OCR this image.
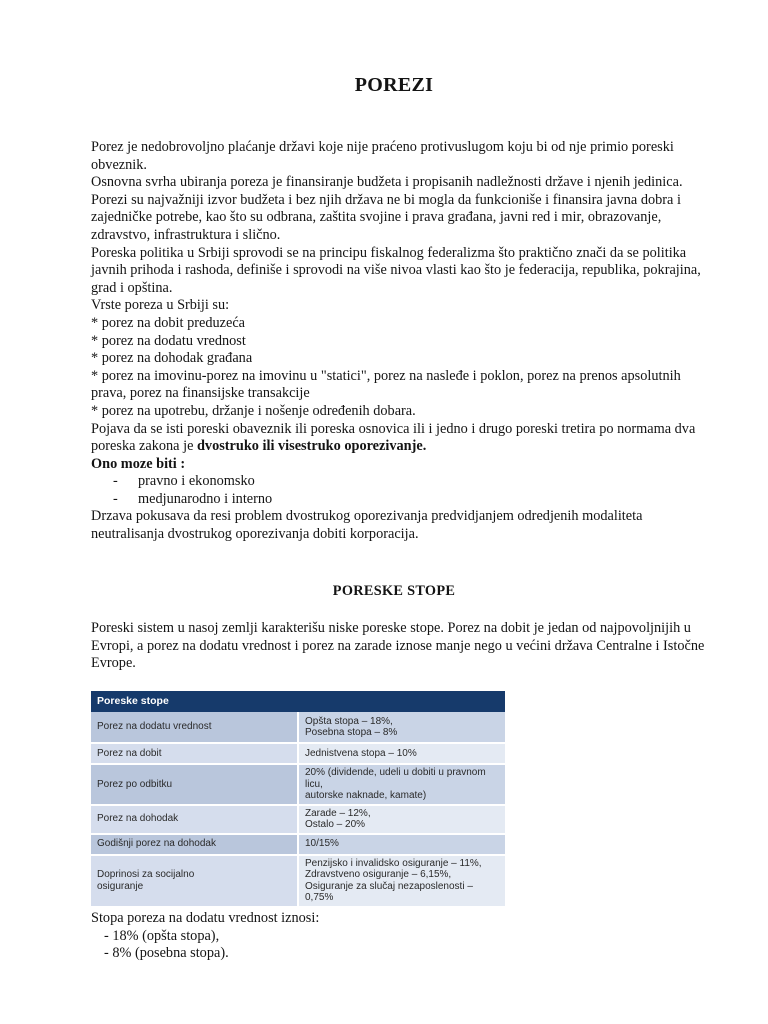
POREZI

Porez je nedobrovoljno plaćanje državi koje nije praćeno protivuslugom koju bi od nje primio poreski obveznik.

Osnovna svrha ubiranja poreza je finansiranje budžeta i propisanih nadležnosti države i njenih jedinica. Porezi su najvažniji izvor budžeta i bez njih država ne bi mogla da funkcioniše i finansira javna dobra i zajedničke potrebe, kao što su odbrana, zaštita svojine i prava građana, javni red i mir, obrazovanje, zdravstvo, infrastruktura i slično.

Poreska politika u Srbiji sprovodi se na principu fiskalnog federalizma što praktično znači da se politika javnih prihoda i rashoda, definiše i sprovodi na više nivoa vlasti kao što je federacija, republika, pokrajina, grad i opština.

Vrste poreza u Srbiji su:

* porez na dobit preduzeća

* porez na dodatu vrednost

* porez na dohodak građana

* porez na imovinu-porez na imovinu u "statici", porez na nasleđe i poklon, porez na prenos apsolutnih prava, porez na finansijske transakcije

* porez na upotrebu, držanje i nošenje određenih dobara.

Pojava da se isti poreski obaveznik ili poreska osnovica ili i jedno i drugo poreski tretira po normama dva poreska zakona je dvostruko ili visestruko oporezivanje.

Ono moze biti :

- pravno i ekonomsko
- medjunarodno i interno

Drzava pokusava da resi problem dvostrukog oporezivanja predvidjanjem odredjenih modaliteta neutralisanja dvostrukog oporezivanja dobiti korporacija.

PORESKE STOPE

Poreski sistem u nasoj zemlji karakterišu niske poreske stope. Porez na dobit je jedan od najpovoljnijih u Evropi, a porez na dodatu vrednost i porez na zarade iznose manje nego u većini država Centralne i Istočne Evrope.

Poreske stope	
Porez na dodatu vrednost	Opšta stopa – 18%,
Posebna stopa – 8%
Porez na dobit	Jednistvena stopa – 10%
Porez po odbitku	20% (dividende, udeli u dobiti u pravnom licu,
autorske naknade, kamate)
Porez na dohodak	Zarade – 12%,
Ostalo – 20%
Godišnji porez na dohodak	10/15%
Doprinosi za socijalno
osiguranje	Penzijsko i invalidsko osiguranje – 11%,
Zdravstveno osiguranje – 6,15%,
Osiguranje za slučaj nezaposlenosti – 0,75%

Stopa poreza na dodatu vrednost iznosi:

- 18% (opšta stopa),

- 8% (posebna stopa).
